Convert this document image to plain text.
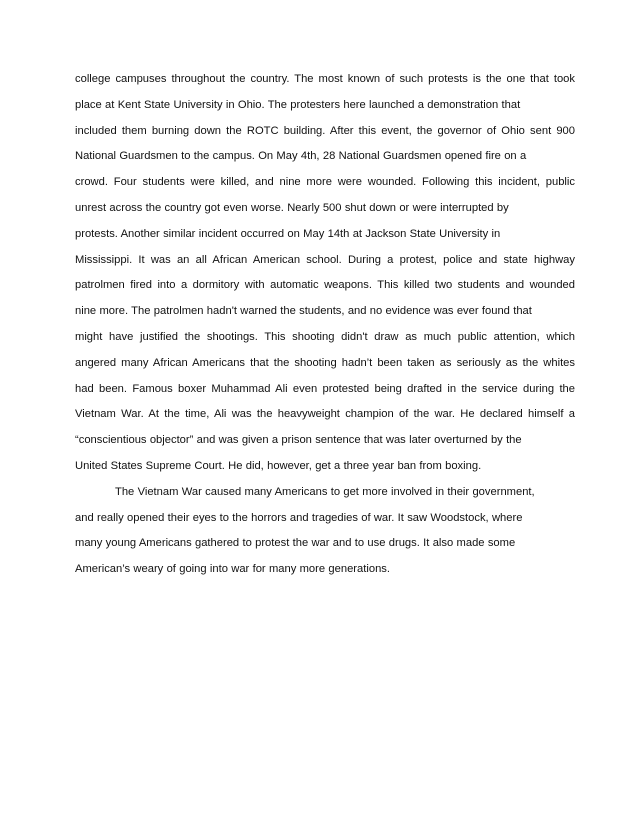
college campuses throughout the country. The most known of such protests is the one that took
place at Kent State University in Ohio. The protesters here launched a demonstration that
included them burning down the ROTC building. After this event, the governor of Ohio sent 900
National Guardsmen to the campus. On May 4th, 28 National Guardsmen opened fire on a
crowd. Four students were killed, and nine more were wounded. Following this incident, public
unrest across the country got even worse. Nearly 500 shut down or were interrupted by
protests. Another similar incident occurred on May 14th at Jackson State University in
Mississippi. It was an all African American school. During a protest, police and state highway
patrolmen fired into a dormitory with automatic weapons. This killed two students and wounded
nine more. The patrolmen hadn't warned the students, and no evidence was ever found that
might have justified the shootings. This shooting didn't draw as much public attention, which
angered many African Americans that the shooting hadn’t been taken as seriously as the whites
had been. Famous boxer Muhammad Ali even protested being drafted in the service during the
Vietnam War. At the time, Ali was the heavyweight champion of the war. He declared himself a
“conscientious objector” and was given a prison sentence that was later overturned by the
United States Supreme Court. He did, however, get a three year ban from boxing.
The Vietnam War caused many Americans to get more involved in their government,
and really opened their eyes to the horrors and tragedies of war. It saw Woodstock, where
many young Americans gathered to protest the war and to use drugs. It also made some
American’s weary of going into war for many more generations.
